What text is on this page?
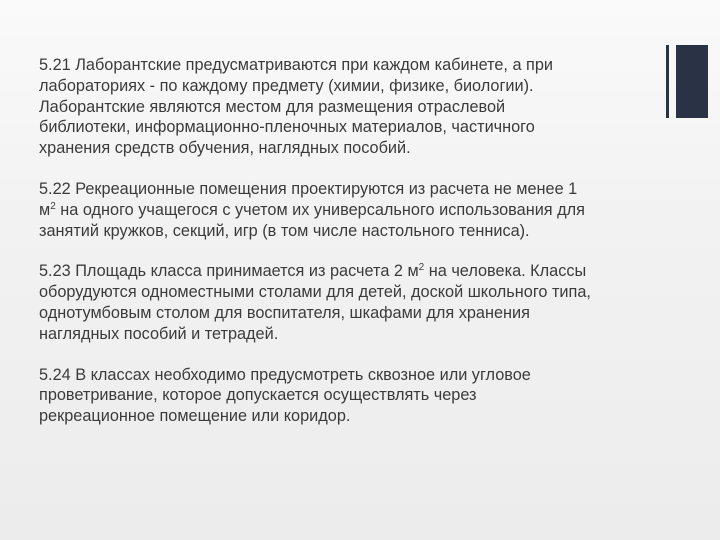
5.21 Лаборантские предусматриваются при каждом кабинете, а при
лабораториях - по каждому предмету (химии, физике, биологии).
Лаборантские являются местом для размещения отраслевой
библиотеки, информационно-пленочных материалов, частичного
хранения средств обучения, наглядных пособий.

5.22 Рекреационные помещения проектируются из расчета не менее 1
$м^2$ на одного учащегося с учетом их универсального использования для
занятий кружков, секций, игр (в том числе настольного тенниса).

5.23 Площадь класса принимается из расчета 2 $м^2$ на человека. Классы
оборудуются одноместными столами для детей, доской школьного типа,
однотумбовым столом для воспитателя, шкафами для хранения
наглядных пособий и тетрадей.

5.24 В классах необходимо предусмотреть сквозное или угловое
проветривание, которое допускается осуществлять через
рекреационное помещение или коридор.
